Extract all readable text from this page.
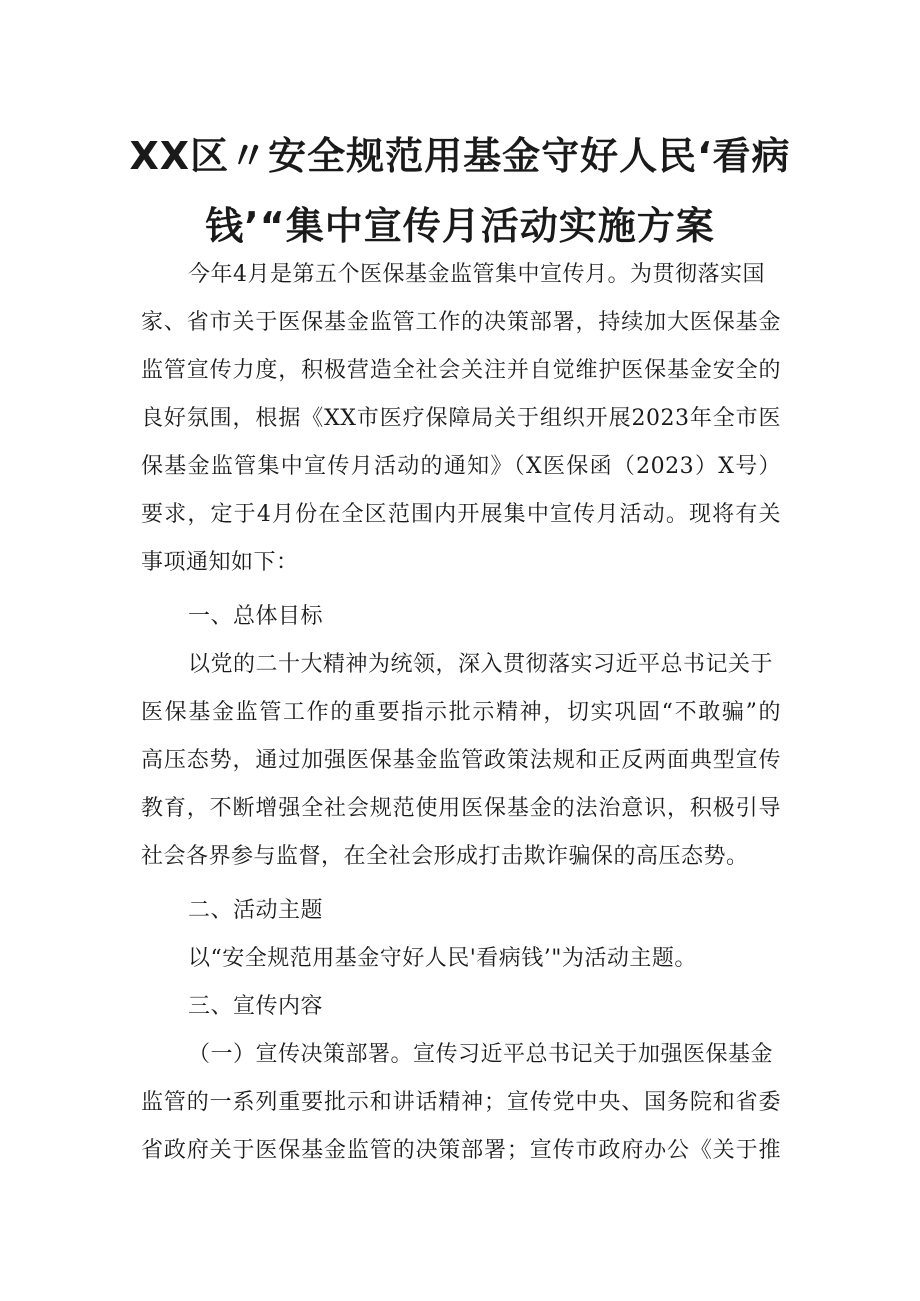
XX区〃安全规范用基金守好人民‘看病
钱’“集中宣传月活动实施方案
今年4月是第五个医保基金监管集中宣传月。为贯彻落实国
家、省市关于医保基金监管工作的决策部署，持续加大医保基金
监管宣传力度，积极营造全社会关注并自觉维护医保基金安全的
良好氛围，根据《XX市医疗保障局关于组织开展2023年全市医
保基金监管集中宣传月活动的通知》（X医保函（2023）X号）
要求，定于4月份在全区范围内开展集中宣传月活动。现将有关
事项通知如下：
一、总体目标
以党的二十大精神为统领，深入贯彻落实习近平总书记关于
医保基金监管工作的重要指示批示精神，切实巩固“不敢骗”的
高压态势，通过加强医保基金监管政策法规和正反两面典型宣传
教育，不断增强全社会规范使用医保基金的法治意识，积极引导
社会各界参与监督，在全社会形成打击欺诈骗保的高压态势。
二、活动主题
以“安全规范用基金守好人民'看病钱’"为活动主题。
三、宣传内容
（一）宣传决策部署。宣传习近平总书记关于加强医保基金
监管的一系列重要批示和讲话精神；宣传党中央、国务院和省委
省政府关于医保基金监管的决策部署；宣传市政府办公《关于推
